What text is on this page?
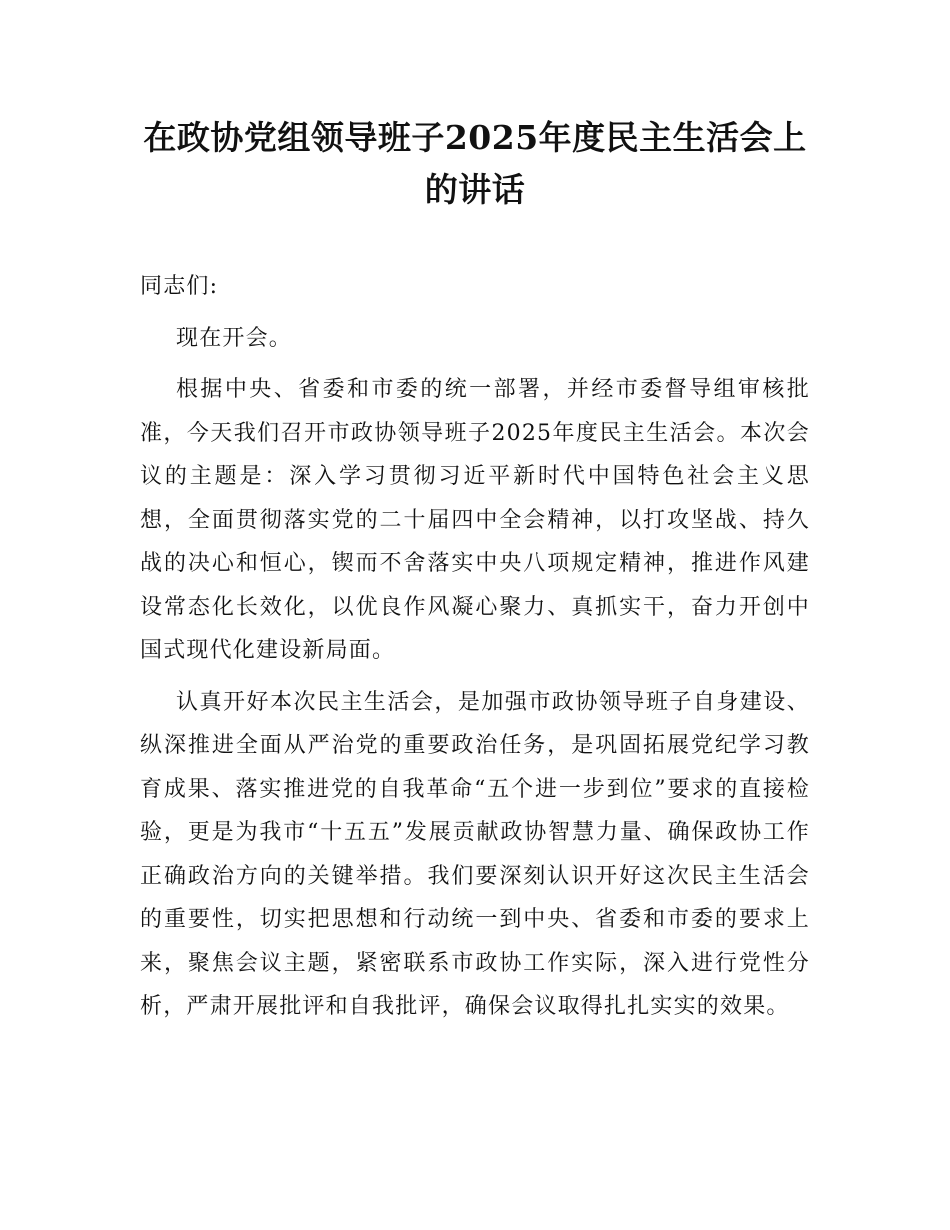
在政协党组领导班子2025年度民主生活会上的讲话

同志们:

现在开会。

根据中央、省委和市委的统一部署，并经市委督导组审核批准，今天我们召开市政协领导班子2025年度民主生活会。本次会议的主题是：深入学习贯彻习近平新时代中国特色社会主义思想，全面贯彻落实党的二十届四中全会精神，以打攻坚战、持久战的决心和恒心，锲而不舍落实中央八项规定精神，推进作风建设常态化长效化，以优良作风凝心聚力、真抓实干，奋力开创中国式现代化建设新局面。

认真开好本次民主生活会，是加强市政协领导班子自身建设、纵深推进全面从严治党的重要政治任务，是巩固拓展党纪学习教育成果、落实推进党的自我革命“五个进一步到位”要求的直接检验，更是为我市“十五五”发展贡献政协智慧力量、确保政协工作正确政治方向的关键举措。我们要深刻认识开好这次民主生活会的重要性，切实把思想和行动统一到中央、省委和市委的要求上来，聚焦会议主题，紧密联系市政协工作实际，深入进行党性分析，严肃开展批评和自我批评，确保会议取得扎扎实实的效果。
